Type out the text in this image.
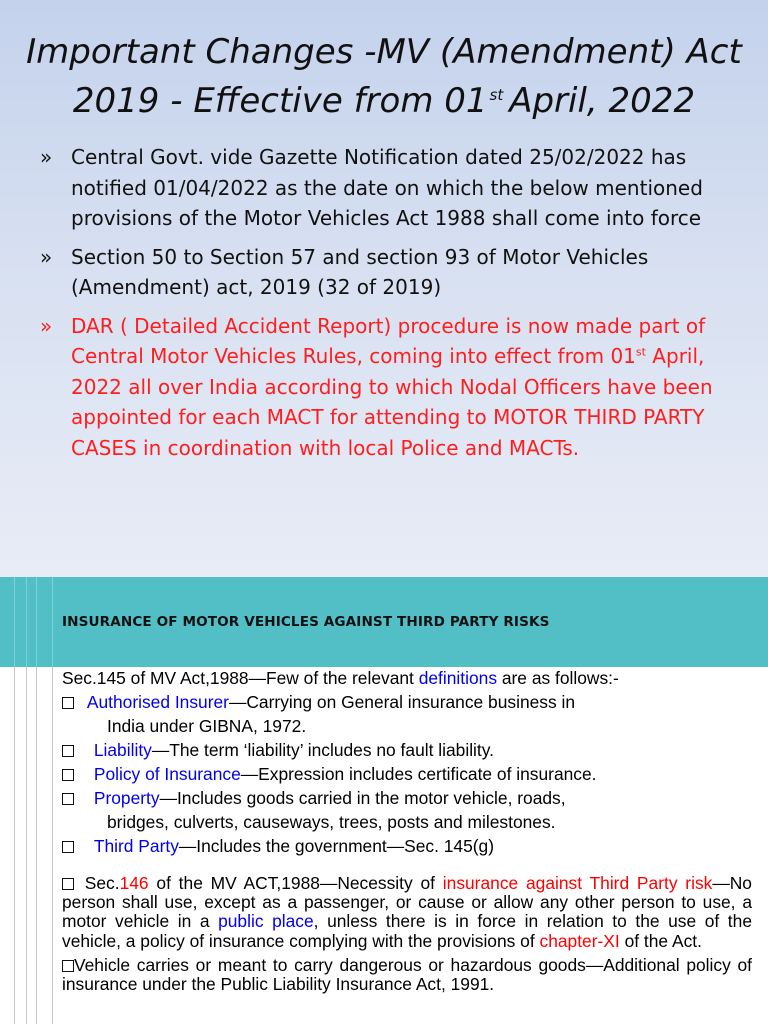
Important Changes -MV (Amendment) Act
2019 - Effective from 01 $^{st}$ April, 2022
» Central Govt. vide Gazette Notification dated 25/02/2022 has notified 01/04/2022 as the date on which the below mentioned provisions of the Motor Vehicles Act 1988 shall come into force
» Section 50 to Section 57 and section 93 of Motor Vehicles (Amendment) act, 2019 (32 of 2019)
» DAR ( Detailed Accident Report) procedure is now made part of Central Motor Vehicles Rules, coming into effect from 01st April, 2022 all over India according to which Nodal Officers have been appointed for each MACT for attending to MOTOR THIRD PARTY CASES in coordination with local Police and MACTs.
INSURANCE OF MOTOR VEHICLES AGAINST THIRD PARTY RISKS
Sec.145 of MV Act,1988—Few of the relevant definitions are as follows:-
Authorised Insurer—Carrying on General insurance business in
India under GIBNA, 1972.
Liability—The term ‘liability’ includes no fault liability.
Policy of Insurance—Expression includes certificate of insurance.
Property—Includes goods carried in the motor vehicle, roads,
bridges, culverts, causeways, trees, posts and milestones.
Third Party—Includes the government—Sec. 145(g)
Sec.146 of the MV ACT,1988—Necessity of insurance against Third Party risk—No person shall use, except as a passenger, or cause or allow any other person to use, a motor vehicle in a public place, unless there is in force in relation to the use of the vehicle, a policy of insurance complying with the provisions of chapter-XI of the Act.
Vehicle carries or meant to carry dangerous or hazardous goods—Additional policy of insurance under the Public Liability Insurance Act, 1991.
